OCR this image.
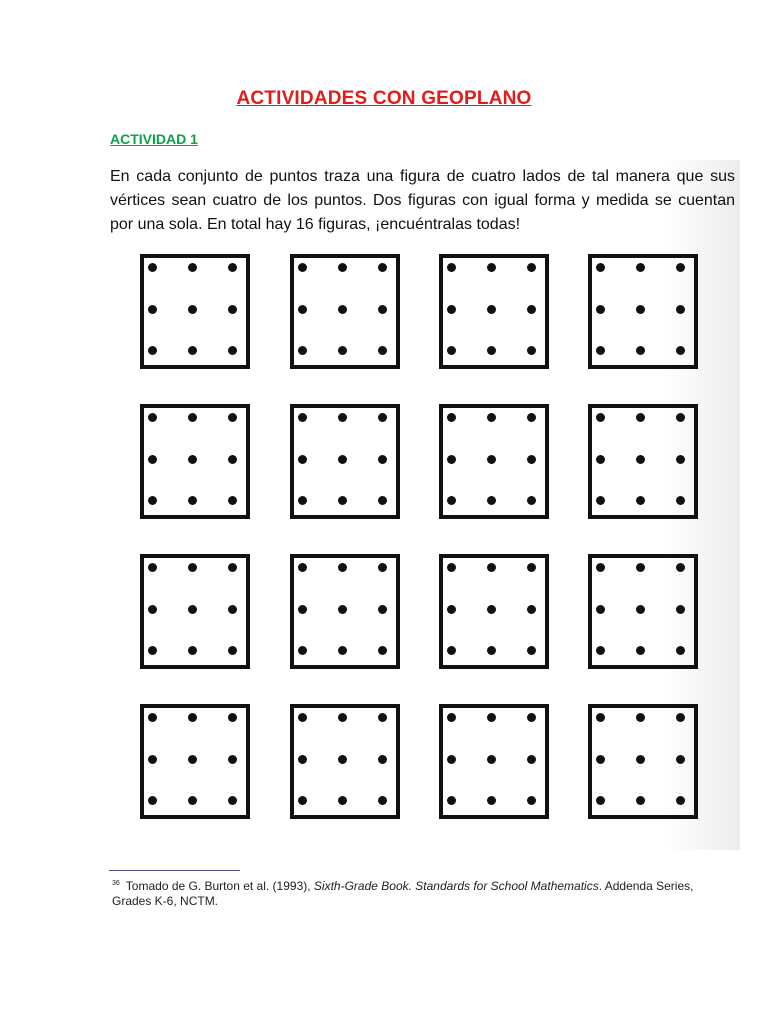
ACTIVIDADES CON GEOPLANO
ACTIVIDAD 1
En cada conjunto de puntos traza una figura de cuatro lados de tal manera que sus vértices sean cuatro de los puntos. Dos figuras con igual forma y medida se cuentan por una sola. En total hay 16 figuras, ¡encuéntralas todas!
$^{36}$ Tomado de G. Burton et al. (1993), Sixth-Grade Book. Standards for School Mathematics. Addenda Series, Grades K-6, NCTM.
